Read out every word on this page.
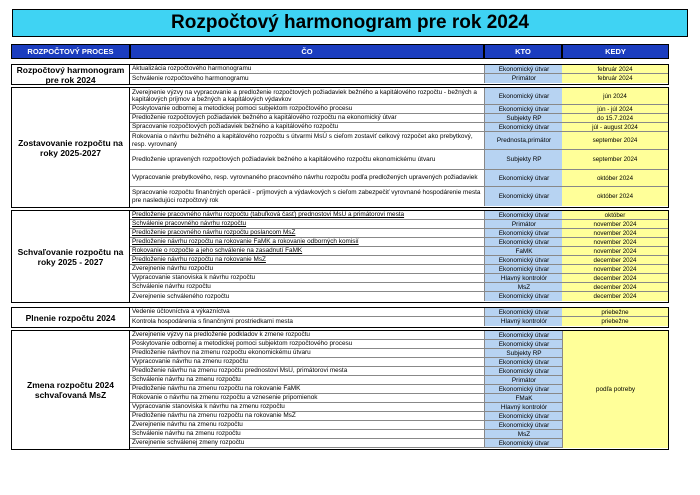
Rozpočtový harmonogram pre rok 2024
ROZPOČTOVÝ PROCES	ČO	KTO	KEDY
Rozpočtový harmonogram pre rok 2024
Aktualizácia rozpočtového harmonogramu	Ekonomický útvar	február 2024
Schválenie rozpočtového harmonogramu	Primátor	február 2024
Zostavovanie rozpočtu na roky 2025-2027
Zverejnenie výzvy na vypracovanie a predloženie rozpočtových požiadaviek bežného a kapitálového rozpočtu - bežných a kapitálových príjmov a bežných a kapitálových výdavkov	Ekonomický útvar	jún 2024
Poskytovanie odbornej a metodickej pomoci subjektom rozpočtového procesu	Ekonomický útvar	jún - júl 2024
Predloženie rozpočtových požiadaviek bežného a kapitálového rozpočtu na ekonomický útvar	Subjekty RP	do 15.7.2024
Spracovanie rozpočtových požiadaviek bežného a kapitálového rozpočtu	Ekonomický útvar	júl - august 2024
Rokovania o návrhu bežného a kapitálového rozpočtu s útvarmi MsÚ s cieľom zostaviť celkový rozpočet ako prebytkový, resp. vyrovnaný	Prednosta,primátor	september 2024
Predloženie upravených rozpočtových požiadaviek bežného a kapitálového rozpočtu ekonomickému útvaru	Subjekty RP	september 2024
Vypracovanie prebytkového, resp. vyrovnaného pracovného návrhu rozpočtu podľa predložených upravených požiadaviek	Ekonomický útvar	október 2024
Spracovanie rozpočtu finančných operácií - príjmových a výdavkových s cieľom zabezpečiť vyrovnané hospodárenie mesta pre nasledujúci rozpočtový rok	Ekonomický útvar	október 2024
Schvaľovanie rozpočtu na roky 2025 - 2027
Predloženie pracovného návrhu rozpočtu (tabuľková časť) prednostovi MsÚ a primátorovi mesta	Ekonomický útvar	október
Schválenie pracovného návrhu rozpočtu	Primátor	november 2024
Predloženie pracovného návrhu rozpočtu poslancom MsZ	Ekonomický útvar	november 2024
Predloženie návrhu rozpočtu na rokovanie FaMK a rokovanie odborných komisií	Ekonomický útvar	november 2024
Rokovanie o rozpočte a jeho schválenie na zasadnutí FaMK	FaMK	november 2024
Predloženie návrhu rozpočtu na rokovanie MsZ	Ekonomický útvar	december 2024
Zverejnenie návrhu rozpočtu	Ekonomický útvar	november 2024
Vypracovanie stanoviska k návrhu rozpočtu	Hlavný kontrolór	december 2024
Schválenie návrhu rozpočtu	MsZ	december 2024
Zverejnenie schváleného rozpočtu	Ekonomický útvar	december 2024
Plnenie rozpočtu 2024
Vedenie účtovníctva a výkazníctva	Ekonomický útvar	priebežne
Kontrola hospodárenia s finančnými prostriedkami mesta	Hlavný kontrolór	priebežne
Zmena rozpočtu 2024 schvaľovaná MsZ
Zverejnenie výzvy na predloženie podkladov k zmene rozpočtu	Ekonomický útvar
Poskytovanie odbornej a metodickej pomoci subjektom rozpočtového procesu	Ekonomický útvar
Predloženie návrhov na zmenu rozpočtu ekonomickému útvaru	Subjekty RP
Vypracovanie návrhu na zmenu rozpočtu	Ekonomický útvar
Predloženie návrhu na zmenu rozpočtu prednostovi MsÚ, primátorovi mesta	Ekonomický útvar
Schválenie návrhu na zmenu rozpočtu	Primátor
Predloženie návrhu na zmenu rozpočtu na rokovanie FaMK	Ekonomický útvar
Rokovanie o návrhu na zmenu rozpočtu a vznesenie pripomienok	FMaK
Vypracovanie stanoviska k návrhu na zmenu rozpočtu	Hlavný kontrolór
Predloženie návrhu na zmenu rozpočtu na rokovanie MsZ	Ekonomický útvar
Zverejnenie návrhu na zmenu rozpočtu	Ekonomický útvar
Schválenie návrhu na zmenu rozpočtu	MsZ
Zverejnenie schválenej zmeny rozpočtu	Ekonomický útvar
podľa potreby
